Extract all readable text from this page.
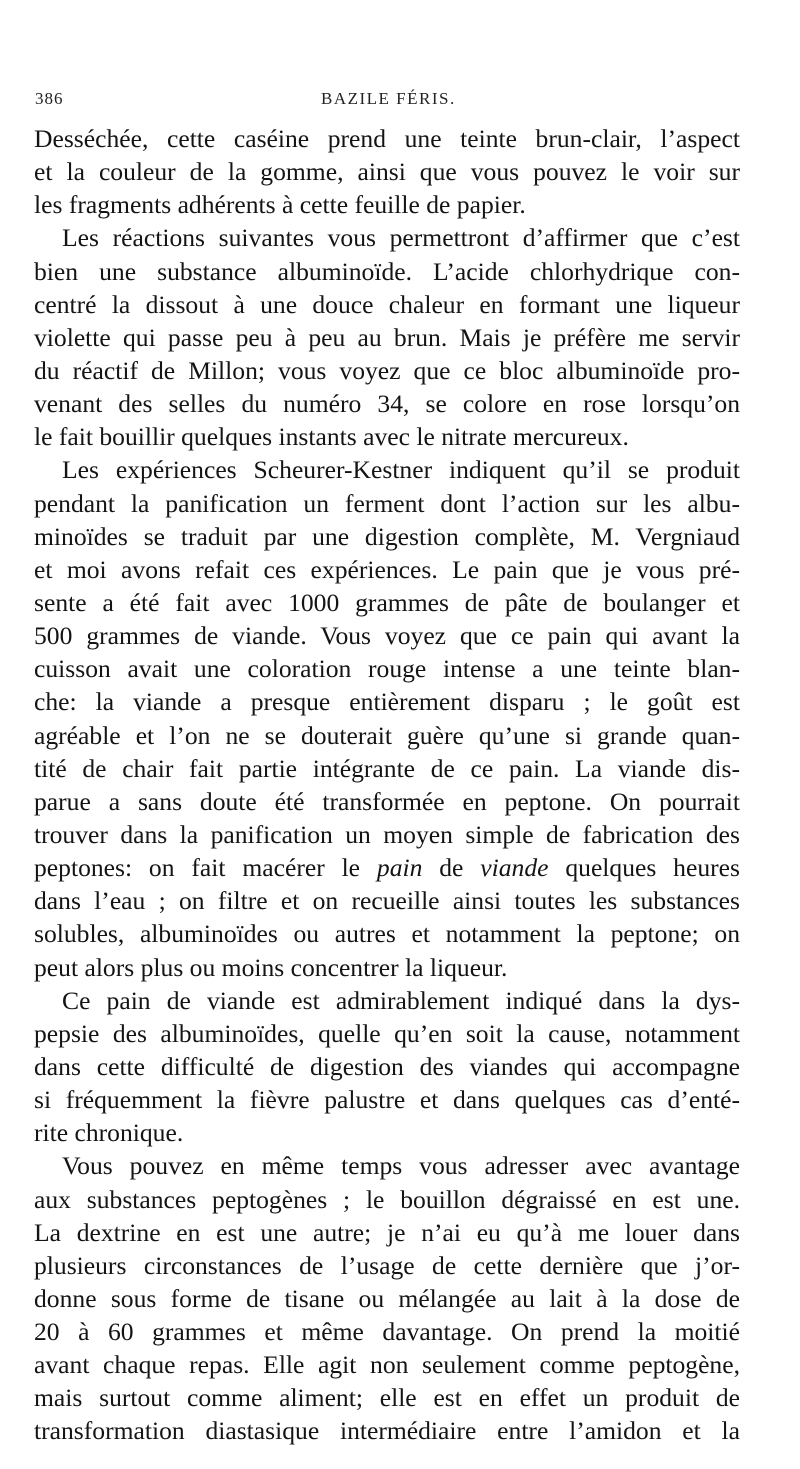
386	BAZILE FÉRIS.
Desséchée, cette caséine prend une teinte brun-clair, l’aspect
et la couleur de la gomme, ainsi que vous pouvez le voir sur
les fragments adhérents à cette feuille de papier.
Les réactions suivantes vous permettront d’affirmer que c’est
bien une substance albuminoïde. L’acide chlorhydrique con-
centré la dissout à une douce chaleur en formant une liqueur
violette qui passe peu à peu au brun. Mais je préfère me servir
du réactif de Millon; vous voyez que ce bloc albuminoïde pro-
venant des selles du numéro 34, se colore en rose lorsqu’on
le fait bouillir quelques instants avec le nitrate mercureux.
Les expériences Scheurer-Kestner indiquent qu’il se produit
pendant la panification un ferment dont l’action sur les albu-
minoïdes se traduit par une digestion complète, M. Vergniaud
et moi avons refait ces expériences. Le pain que je vous pré-
sente a été fait avec 1000 grammes de pâte de boulanger et
500 grammes de viande. Vous voyez que ce pain qui avant la
cuisson avait une coloration rouge intense a une teinte blan-
che: la viande a presque entièrement disparu ; le goût est
agréable et l’on ne se douterait guère qu’une si grande quan-
tité de chair fait partie intégrante de ce pain. La viande dis-
parue a sans doute été transformée en peptone. On pourrait
trouver dans la panification un moyen simple de fabrication des
peptones: on fait macérer le pain de viande quelques heures
dans l’eau ; on filtre et on recueille ainsi toutes les substances
solubles, albuminoïdes ou autres et notamment la peptone; on
peut alors plus ou moins concentrer la liqueur.
Ce pain de viande est admirablement indiqué dans la dys-
pepsie des albuminoïdes, quelle qu’en soit la cause, notamment
dans cette difficulté de digestion des viandes qui accompagne
si fréquemment la fièvre palustre et dans quelques cas d’enté-
rite chronique.
Vous pouvez en même temps vous adresser avec avantage
aux substances peptogènes ; le bouillon dégraissé en est une.
La dextrine en est une autre; je n’ai eu qu’à me louer dans
plusieurs circonstances de l’usage de cette dernière que j’or-
donne sous forme de tisane ou mélangée au lait à la dose de
20 à 60 grammes et même davantage. On prend la moitié
avant chaque repas. Elle agit non seulement comme peptogène,
mais surtout comme aliment; elle est en effet un produit de
transformation diastasique intermédiaire entre l’amidon et la
